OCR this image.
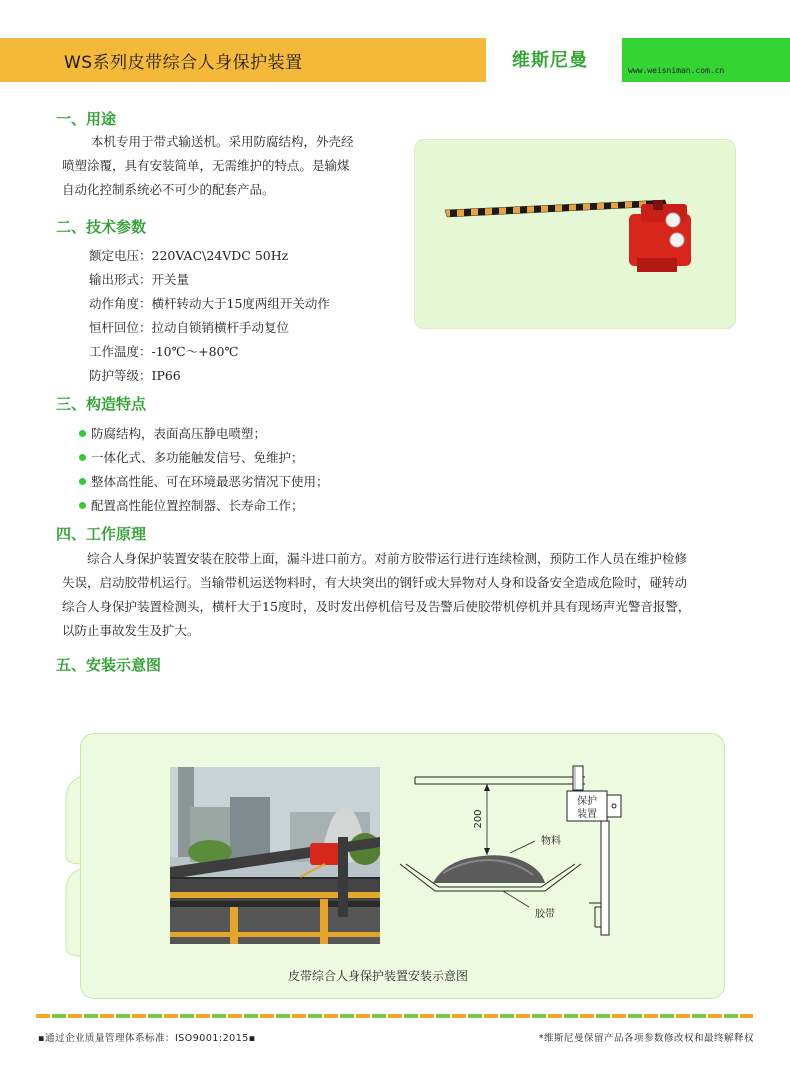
WS系列皮带综合人身保护装置	维斯尼曼	www.weisniman.com.cn
一、用途
本机专用于带式输送机。采用防腐结构，外壳经
喷塑涂覆，具有安装简单，无需维护的特点。是输煤
自动化控制系统必不可少的配套产品。
二、技术参数
额定电压：220VAC\24VDC 50Hz
输出形式：开关量
动作角度：横杆转动大于15度两组开关动作
恒杆回位：拉动自锁销横杆手动复位
工作温度：-10℃～+80℃
防护等级：IP66
三、构造特点
防腐结构，表面高压静电喷塑；
一体化式、多功能触发信号、免维护；
整体高性能、可在环境最恶劣情况下使用；
配置高性能位置控制器、长寿命工作；
四、工作原理
综合人身保护装置安装在胶带上面，漏斗进口前方。对前方胶带运行进行连续检测，预防工作人员在维护检修
失误，启动胶带机运行。当输带机运送物料时，有大块突出的钢钎或大异物对人身和设备安全造成危险时，碰转动
综合人身保护装置检测头，横杆大于15度时，及时发出停机信号及告警后使胶带机停机并具有现场声光警音报警，
以防止事故发生及扩大。
五、安装示意图
保护
装置
200
物料
胶带
皮带综合人身保护装置安装示意图
▪通过企业质量管理体系标准：ISO9001:2015▪	*维斯尼曼保留产品各项参数修改权和最终解释权
